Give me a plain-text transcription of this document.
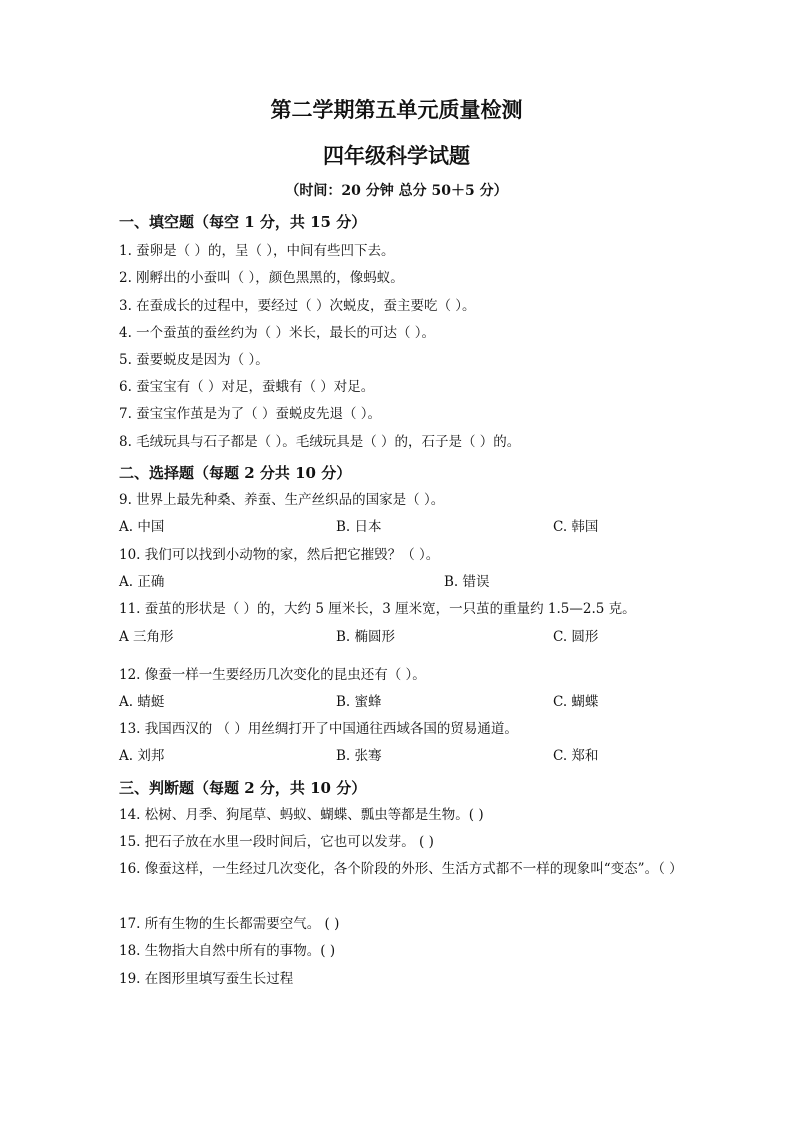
第二学期第五单元质量检测
四年级科学试题
（时间：20 分钟 总分 50＋5 分）
一、填空题（每空 1 分，共 15 分）
1. 蚕卵是（ ）的，呈（ ），中间有些凹下去。
2. 刚孵出的小蚕叫（ ），颜色黑黑的，像蚂蚁。
3. 在蚕成长的过程中，要经过（ ）次蜕皮，蚕主要吃（ ）。
4. 一个蚕茧的蚕丝约为（ ）米长，最长的可达（ ）。
5. 蚕要蜕皮是因为（ ）。
6. 蚕宝宝有（ ）对足，蚕蛾有（ ）对足。
7. 蚕宝宝作茧是为了（ ）蚕蜕皮先退（ ）。
8. 毛绒玩具与石子都是（ ）。毛绒玩具是（ ）的，石子是（ ）的。
二、选择题（每题 2 分共 10 分）
9. 世界上最先种桑、养蚕、生产丝织品的国家是（ ）。
A. 中国	B. 日本	C. 韩国
10. 我们可以找到小动物的家，然后把它摧毁？（ ）。
A. 正确	B. 错误
11. 蚕茧的形状是（ ）的，大约 5 厘米长，3 厘米宽，一只茧的重量约 1.5—2.5 克。
A 三角形	B. 椭圆形	C. 圆形
12. 像蚕一样一生要经历几次变化的昆虫还有（ ）。
A. 蜻蜓	B. 蜜蜂	C. 蝴蝶
13. 我国西汉的 （ ）用丝绸打开了中国通往西域各国的贸易通道。
A. 刘邦	B. 张骞	C. 郑和
三、判断题（每题 2 分，共 10 分）
14. 松树、月季、狗尾草、蚂蚁、蝴蝶、瓢虫等都是生物。( )
15. 把石子放在水里一段时间后，它也可以发芽。 ( )
16. 像蚕这样，一生经过几次变化，各个阶段的外形、生活方式都不一样的现象叫“变态”。（ ）
17. 所有生物的生长都需要空气。 ( )
18. 生物指大自然中所有的事物。( )
19. 在图形里填写蚕生长过程
